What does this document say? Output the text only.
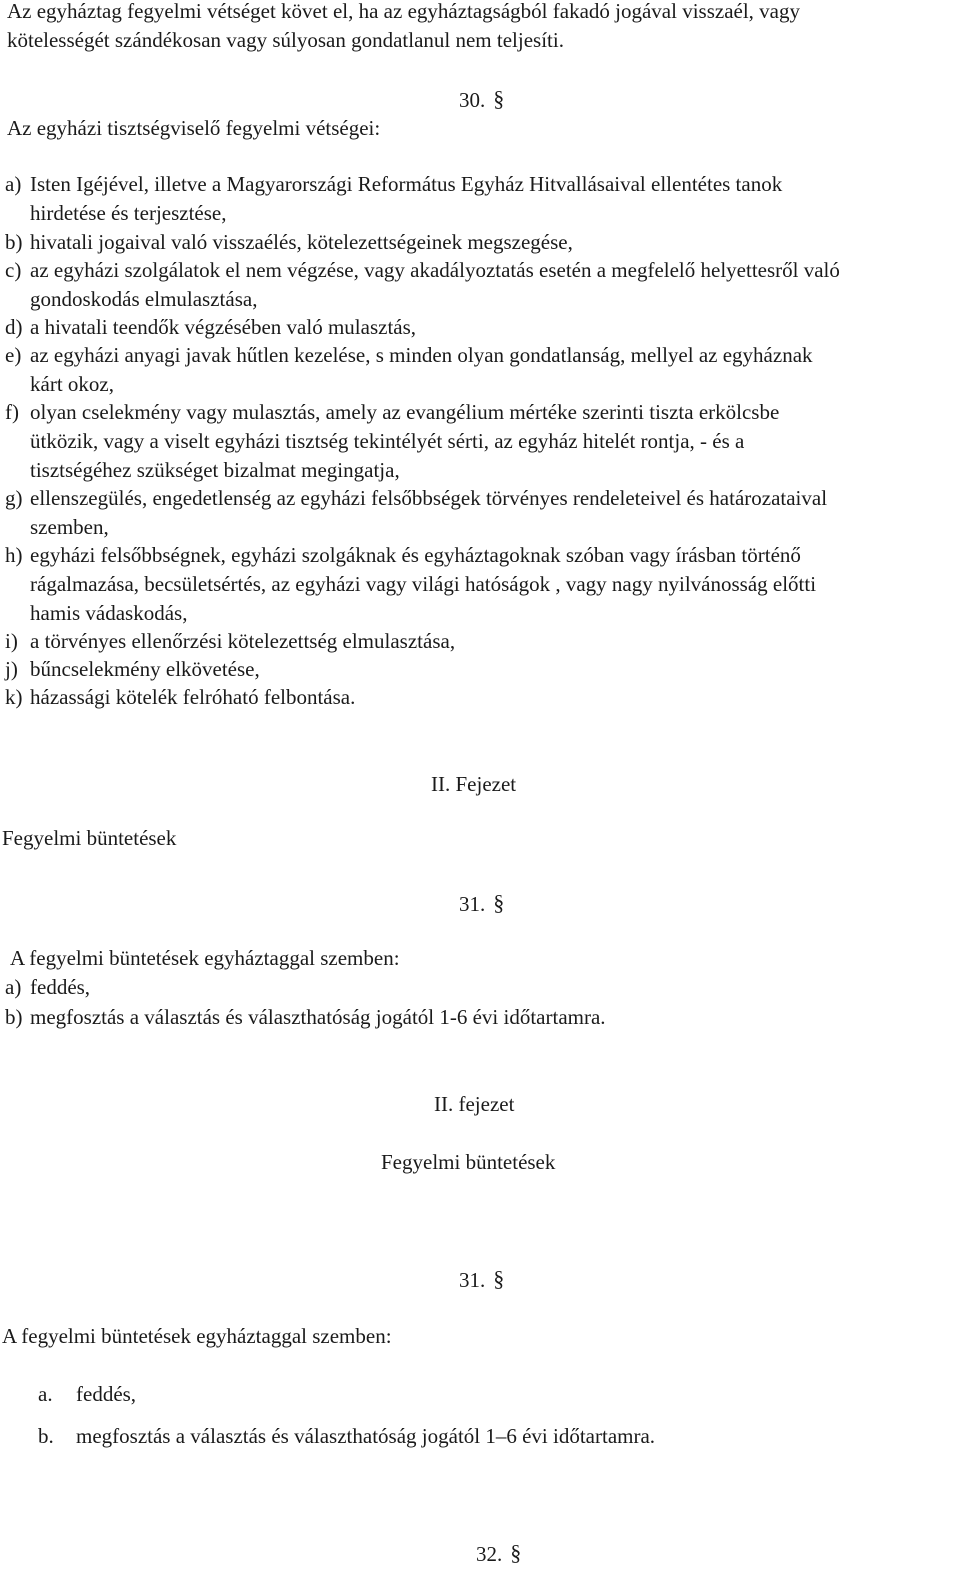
Az egyháztag fegyelmi vétséget követ el, ha az egyháztagságból fakadó jogával visszaél, vagy
kötelességét szándékosan vagy súlyosan gondatlanul nem teljesíti.
30. §
Az egyházi tisztségviselő fegyelmi vétségei:
a) Isten Igéjével, illetve a Magyarországi Református Egyház Hitvallásaival ellentétes tanok
hirdetése és terjesztése,
b) hivatali jogaival való visszaélés, kötelezettségeinek megszegése,
c) az egyházi szolgálatok el nem végzése, vagy akadályoztatás esetén a megfelelő helyettesről való
gondoskodás elmulasztása,
d) a hivatali teendők végzésében való mulasztás,
e) az egyházi anyagi javak hűtlen kezelése, s minden olyan gondatlanság, mellyel az egyháznak
kárt okoz,
f) olyan cselekmény vagy mulasztás, amely az evangélium mértéke szerinti tiszta erkölcsbe
ütközik, vagy a viselt egyházi tisztség tekintélyét sérti, az egyház hitelét rontja, - és a
tisztségéhez szükséget bizalmat megingatja,
g) ellenszegülés, engedetlenség az egyházi felsőbbségek törvényes rendeleteivel és határozataival
szemben,
h) egyházi felsőbbségnek, egyházi szolgáknak és egyháztagoknak szóban vagy írásban történő
rágalmazása, becsületsértés, az egyházi vagy világi hatóságok , vagy nagy nyilvánosság előtti
hamis vádaskodás,
i) a törvényes ellenőrzési kötelezettség elmulasztása,
j) bűncselekmény elkövetése,
k) házassági kötelék felróható felbontása.
II. Fejezet
Fegyelmi büntetések
31. §
A fegyelmi büntetések egyháztaggal szemben:
a) feddés,
b) megfosztás a választás és választhatóság jogától 1-6 évi időtartamra.
II. fejezet
Fegyelmi büntetések
31. §
A fegyelmi büntetések egyháztaggal szemben:
a. feddés,
b. megfosztás a választás és választhatóság jogától 1–6 évi időtartamra.
32. §
